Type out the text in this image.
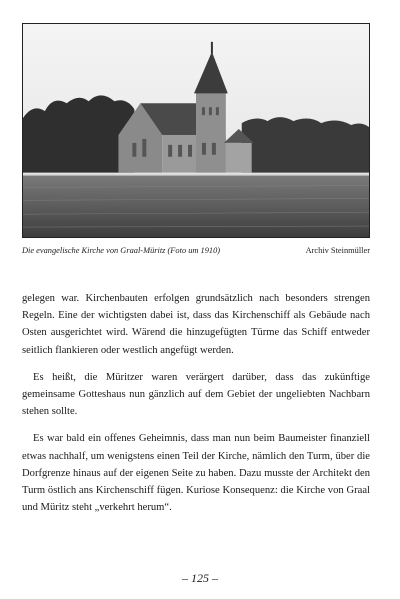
Die evangelische Kirche von Graal-Müritz (Foto um 1910)	Archiv Steinmüller

gelegen war. Kirchenbauten erfolgen grundsätzlich nach besonders strengen Regeln. Eine der wichtigsten dabei ist, dass das Kirchenschiff als Gebäude nach Osten ausgerichtet wird. Wärend die hinzugefügten Türme das Schiff entweder seitlich flankieren oder westlich angefügt werden.

Es heißt, die Müritzer waren verärgert darüber, dass das zukünftige gemeinsame Gotteshaus nun gänzlich auf dem Gebiet der ungeliebten Nachbarn stehen sollte.

Es war bald ein offenes Geheimnis, dass man nun beim Baumeister finanziell etwas nachhalf, um wenigstens einen Teil der Kirche, nämlich den Turm, über die Dorfgrenze hinaus auf der eigenen Seite zu haben. Dazu musste der Architekt den Turm östlich ans Kirchenschiff fügen. Kuriose Konsequenz: die Kirche von Graal und Müritz steht „verkehrt herum“.

– 125 –
